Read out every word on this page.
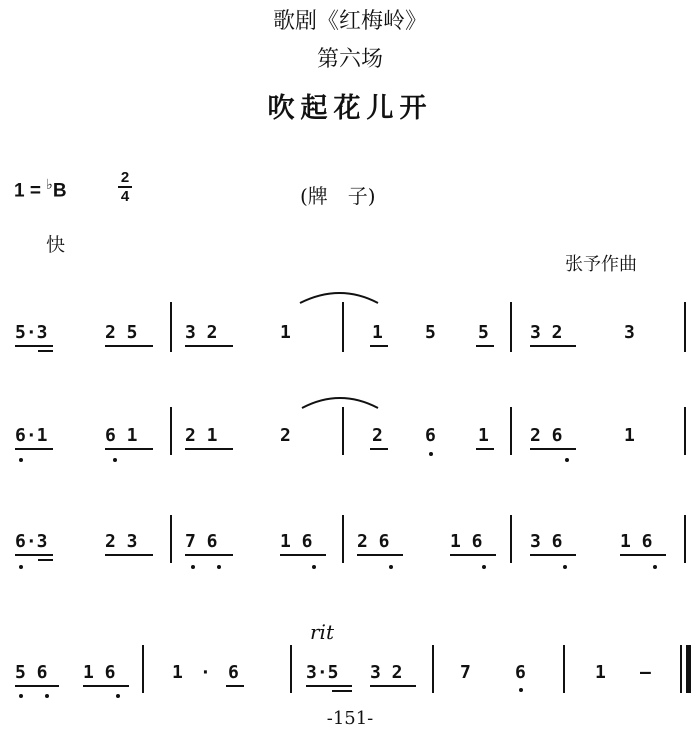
歌剧《红梅岭》
第六场
吹起花儿开
1 = ♭B
2
4	(牌　子)
快
张予作曲
5·3	2 5	3 2	1	1 5 5 3 2	3
6·1	6 1	2 1	2	2 6 1 2 6	1
6·3	2 3	7 6	1 6 2 6	1 6	3 6	1 6
rit
5 6 1 6	1 · 6	3·5 3 2	7 6	1 –
-151-
